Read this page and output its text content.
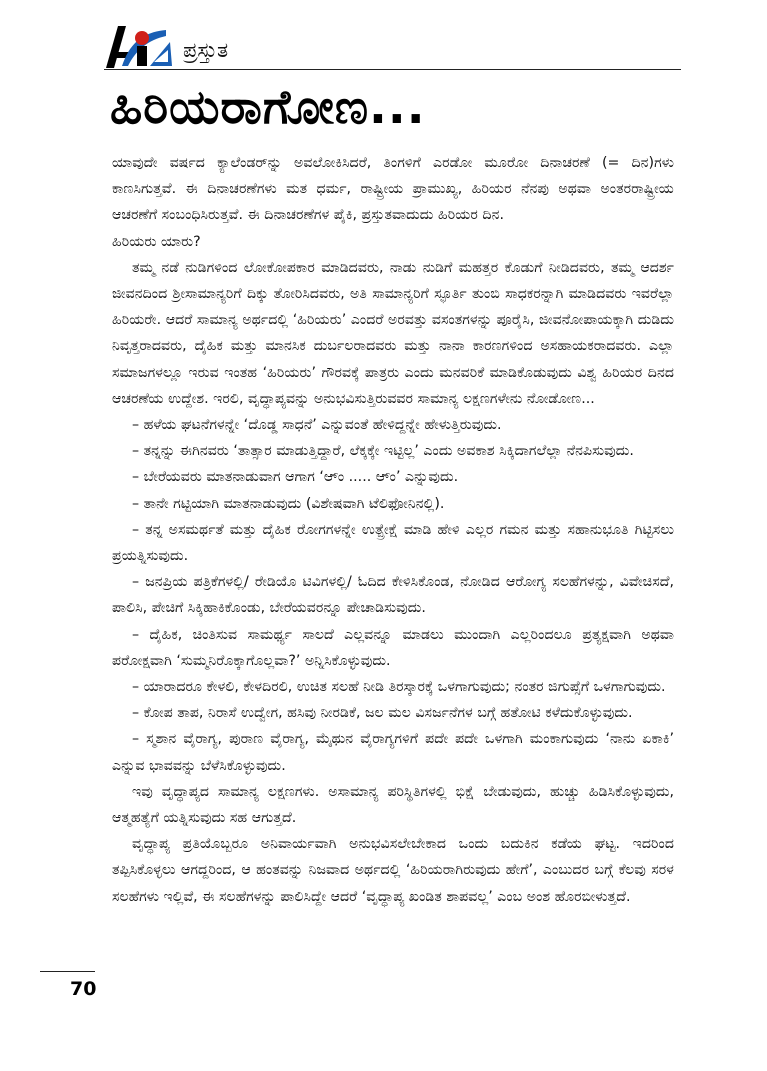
ಪ್ರಸ್ತುತ
ಹಿರಿಯರಾಗೋಣ...

ಯಾವುದೇ ವರ್ಷದ ಕ್ಯಾಲೆಂಡರ್‌ನ್ನು ಅವಲೋಕಿಸಿದರೆ, ತಿಂಗಳಿಗೆ ಎರಡೋ ಮೂರೋ ದಿನಾಚರಣೆ (= ದಿನ)ಗಳು ಕಾಣಸಿಗುತ್ತವೆ. ಈ ದಿನಾಚರಣೆಗಳು ಮತ ಧರ್ಮ, ರಾಷ್ಟ್ರೀಯ ಪ್ರಾಮುಖ್ಯ, ಹಿರಿಯರ ನೆನಪು ಅಥವಾ ಅಂತರರಾಷ್ಟ್ರೀಯ ಆಚರಣೆಗೆ ಸಂಬಂಧಿಸಿರುತ್ತವೆ. ಈ ದಿನಾಚರಣೆಗಳ ಪೈಕಿ, ಪ್ರಸ್ತುತವಾದುದು ಹಿರಿಯರ ದಿನ.

ಹಿರಿಯರು ಯಾರು?

ತಮ್ಮ ನಡೆ ನುಡಿಗಳಿಂದ ಲೋಕೋಪಕಾರ ಮಾಡಿದವರು, ನಾಡು ನುಡಿಗೆ ಮಹತ್ತರ ಕೊಡುಗೆ ನೀಡಿದವರು, ತಮ್ಮ ಆದರ್ಶ ಜೀವನದಿಂದ ಶ್ರೀಸಾಮಾನ್ಯರಿಗೆ ದಿಕ್ಕು ತೋರಿಸಿದವರು, ಅತಿ ಸಾಮಾನ್ಯರಿಗೆ ಸ್ಫೂರ್ತಿ ತುಂಬಿ ಸಾಧಕರನ್ನಾಗಿ ಮಾಡಿದವರು ಇವರೆಲ್ಲಾ ಹಿರಿಯರೇ. ಆದರೆ ಸಾಮಾನ್ಯ ಅರ್ಥದಲ್ಲಿ ‘ಹಿರಿಯರು’ ಎಂದರೆ ಅರವತ್ತು ವಸಂತಗಳನ್ನು ಪೂರೈಸಿ, ಜೀವನೋಪಾಯಕ್ಕಾಗಿ ದುಡಿದು ನಿವೃತ್ತರಾದವರು, ದೈಹಿಕ ಮತ್ತು ಮಾನಸಿಕ ದುರ್ಬಲರಾದವರು ಮತ್ತು ನಾನಾ ಕಾರಣಗಳಿಂದ ಅಸಹಾಯಕರಾದವರು. ಎಲ್ಲಾ ಸಮಾಜಗಳಲ್ಲೂ ಇರುವ ಇಂತಹ ‘ಹಿರಿಯರು’ ಗೌರವಕ್ಕೆ ಪಾತ್ರರು ಎಂದು ಮನವರಿಕೆ ಮಾಡಿಕೊಡುವುದು ವಿಶ್ವ ಹಿರಿಯರ ದಿನದ ಆಚರಣೆಯ ಉದ್ದೇಶ. ಇರಲಿ, ವೃದ್ಧಾಪ್ಯವನ್ನು ಅನುಭವಿಸುತ್ತಿರುವವರ ಸಾಮಾನ್ಯ ಲಕ್ಷಣಗಳೇನು ನೋಡೋಣ...

– ಹಳೆಯ ಘಟನೆಗಳನ್ನೇ ‘ದೊಡ್ಡ ಸಾಧನೆ’ ಎನ್ನುವಂತೆ ಹೇಳಿದ್ದನ್ನೇ ಹೇಳುತ್ತಿರುವುದು.

– ತನ್ನನ್ನು ಈಗಿನವರು ‘ತಾತ್ಸಾರ ಮಾಡುತ್ತಿದ್ದಾರೆ, ಲೆಕ್ಕಕ್ಕೇ ಇಟ್ಟಿಲ್ಲ’ ಎಂದು ಅವಕಾಶ ಸಿಕ್ಕಿದಾಗಲೆಲ್ಲಾ ನೆನಪಿಸುವುದು.

– ಬೇರೆಯವರು ಮಾತನಾಡುವಾಗ ಆಗಾಗ ‘ಆ್ಂ ..... ಆ್ಂ’ ಎನ್ನುವುದು.

– ತಾನೇ ಗಟ್ಟಿಯಾಗಿ ಮಾತನಾಡುವುದು (ವಿಶೇಷವಾಗಿ ಟೆಲಿಫೋನಿನಲ್ಲಿ).

– ತನ್ನ ಅಸಮರ್ಥತೆ ಮತ್ತು ದೈಹಿಕ ರೋಗಗಳನ್ನೇ ಉತ್ಪ್ರೇಕ್ಷೆ ಮಾಡಿ ಹೇಳಿ ಎಲ್ಲರ ಗಮನ ಮತ್ತು ಸಹಾನುಭೂತಿ ಗಿಟ್ಟಿಸಲು ಪ್ರಯತ್ನಿಸುವುದು.

– ಜನಪ್ರಿಯ ಪತ್ರಿಕೆಗಳಲ್ಲಿ/ ರೇಡಿಯೊ ಟಿವಿಗಳಲ್ಲಿ/ ಓದಿದ ಕೇಳಿಸಿಕೊಂಡ, ನೋಡಿದ ಆರೋಗ್ಯ ಸಲಹೆಗಳನ್ನು, ವಿವೇಚಿಸದೆ, ಪಾಲಿಸಿ, ಪೇಚಿಗೆ ಸಿಕ್ಕಿಹಾಕಿಕೊಂಡು, ಬೇರೆಯವರನ್ನೂ ಪೇಚಾಡಿಸುವುದು.

– ದೈಹಿಕ, ಚಿಂತಿಸುವ ಸಾಮರ್ಥ್ಯ ಸಾಲದೆ ಎಲ್ಲವನ್ನೂ ಮಾಡಲು ಮುಂದಾಗಿ ಎಲ್ಲರಿಂದಲೂ ಪ್ರತ್ಯಕ್ಷವಾಗಿ ಅಥವಾ ಪರೋಕ್ಷವಾಗಿ ‘ಸುಮ್ಮನಿರೊಕ್ಕಾಗೊಲ್ಲವಾ?’ ಅನ್ನಿಸಿಕೊಳ್ಳುವುದು.

– ಯಾರಾದರೂ ಕೇಳಲಿ, ಕೇಳದಿರಲಿ, ಉಚಿತ ಸಲಹೆ ನೀಡಿ ತಿರಸ್ಕಾರಕ್ಕೆ ಒಳಗಾಗುವುದು; ನಂತರ ಜಿಗುಪ್ಸೆಗೆ ಒಳಗಾಗುವುದು.

– ಕೋಪ ತಾಪ, ನಿರಾಸೆ ಉದ್ವೇಗ, ಹಸಿವು ನೀರಡಿಕೆ, ಜಲ ಮಲ ವಿಸರ್ಜನೆಗಳ ಬಗ್ಗೆ ಹತೋಟಿ ಕಳೆದುಕೊಳ್ಳುವುದು.

– ಸ್ಮಶಾನ ವೈರಾಗ್ಯ, ಪುರಾಣ ವೈರಾಗ್ಯ, ಮೈಥುನ ವೈರಾಗ್ಯಗಳಿಗೆ ಪದೇ ಪದೇ ಒಳಗಾಗಿ ಮಂಕಾಗುವುದು ‘ನಾನು ಏಕಾಕಿ’ ಎನ್ನುವ ಭಾವವನ್ನು ಬೆಳೆಸಿಕೊಳ್ಳುವುದು.

ಇವು ವೃದ್ಧಾಪ್ಯದ ಸಾಮಾನ್ಯ ಲಕ್ಷಣಗಳು. ಅಸಾಮಾನ್ಯ ಪರಿಸ್ಥಿತಿಗಳಲ್ಲಿ ಭಿಕ್ಷೆ ಬೇಡುವುದು, ಹುಚ್ಚು ಹಿಡಿಸಿಕೊಳ್ಳುವುದು, ಆತ್ಮಹತ್ಯೆಗೆ ಯತ್ನಿಸುವುದು ಸಹ ಆಗುತ್ತದೆ.

ವೃದ್ಧಾಪ್ಯ ಪ್ರತಿಯೊಬ್ಬರೂ ಅನಿವಾರ್ಯವಾಗಿ ಅನುಭವಿಸಲೇಬೇಕಾದ ಒಂದು ಬದುಕಿನ ಕಡೆಯ ಘಟ್ಟ. ಇದರಿಂದ ತಪ್ಪಿಸಿಕೊಳ್ಳಲು ಆಗದ್ದರಿಂದ, ಆ ಹಂತವನ್ನು ನಿಜವಾದ ಅರ್ಥದಲ್ಲಿ ‘ಹಿರಿಯರಾಗಿರುವುದು ಹೇಗೆ’, ಎಂಬುದರ ಬಗ್ಗೆ ಕೆಲವು ಸರಳ ಸಲಹೆಗಳು ಇಲ್ಲಿವೆ, ಈ ಸಲಹೆಗಳನ್ನು ಪಾಲಿಸಿದ್ದೇ ಆದರೆ ‘ವೃದ್ಧಾಪ್ಯ ಖಂಡಿತ ಶಾಪವಲ್ಲ’ ಎಂಬ ಅಂಶ ಹೊರಬೀಳುತ್ತದೆ.

70
